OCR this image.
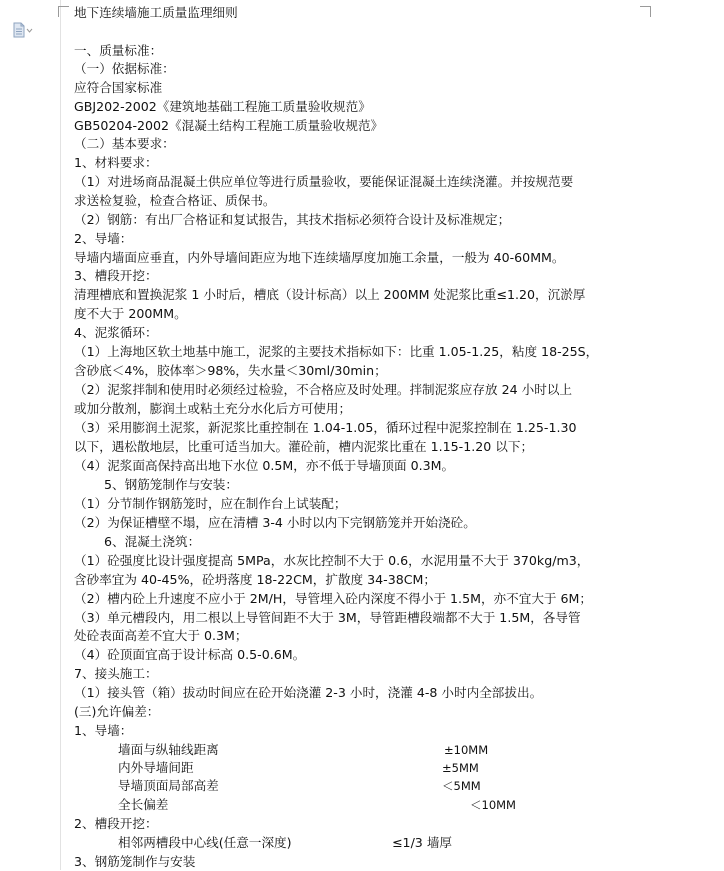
地下连续墙施工质量监理细则
一、质量标准：
（一）依据标准：
应符合国家标准
GBJ202-2002《建筑地基础工程施工质量验收规范》
GB50204-2002《混凝土结构工程施工质量验收规范》
（二）基本要求：
1、材料要求：
（1）对进场商品混凝土供应单位等进行质量验收，要能保证混凝土连续浇灌。并按规范要
求送检复验，检查合格证、质保书。
（2）钢筋：有出厂合格证和复试报告，其技术指标必须符合设计及标准规定；
2、导墙：
导墙内墙面应垂直，内外导墙间距应为地下连续墙厚度加施工余量，一般为 40-60MM。
3、槽段开挖：
清理槽底和置换泥浆 1 小时后，槽底（设计标高）以上 200MM 处泥浆比重≤1.20，沉淤厚
度不大于 200MM。
4、泥浆循环：
（1）上海地区软土地基中施工，泥浆的主要技术指标如下：比重 1.05-1.25，粘度 18-25S，
含砂底＜4%，胶体率＞98%，失水量＜30ml/30min；
（2）泥浆拌制和使用时必须经过检验，不合格应及时处理。拌制泥浆应存放 24 小时以上
或加分散剂，膨润土或粘土充分水化后方可使用；
（3）采用膨润土泥浆，新泥浆比重控制在 1.04-1.05，循环过程中泥浆控制在 1.25-1.30
以下，遇松散地层，比重可适当加大。灌砼前，槽内泥浆比重在 1.15-1.20 以下；
（4）泥浆面高保持高出地下水位 0.5M，亦不低于导墙顶面 0.3M。
5、钢筋笼制作与安装：
（1）分节制作钢筋笼时，应在制作台上试装配；
（2）为保证槽壁不塌，应在清槽 3-4 小时以内下完钢筋笼并开始浇砼。
6、混凝土浇筑：
（1）砼强度比设计强度提高 5MPa，水灰比控制不大于 0.6，水泥用量不大于 370kg/m3，
含砂率宜为 40-45%，砼坍落度 18-22CM，扩散度 34-38CM；
（2）槽内砼上升速度不应小于 2M/H，导管埋入砼内深度不得小于 1.5M，亦不宜大于 6M；
（3）单元槽段内，用二根以上导管间距不大于 3M，导管距槽段端都不大于 1.5M，各导管
处砼表面高差不宜大于 0.3M；
（4）砼顶面宜高于设计标高 0.5-0.6M。
7、接头施工：
（1）接头管（箱）拔动时间应在砼开始浇灌 2-3 小时，浇灌 4-8 小时内全部拔出。
(三)允许偏差：
1、导墙：
墙面与纵轴线距离	±10MM
内外导墙间距	±5MM
导墙顶面局部高差	＜5MM
全长偏差	＜10MM
2、槽段开挖：
相邻两槽段中心线(任意一深度)	≤1/3 墙厚
3、钢筋笼制作与安装
